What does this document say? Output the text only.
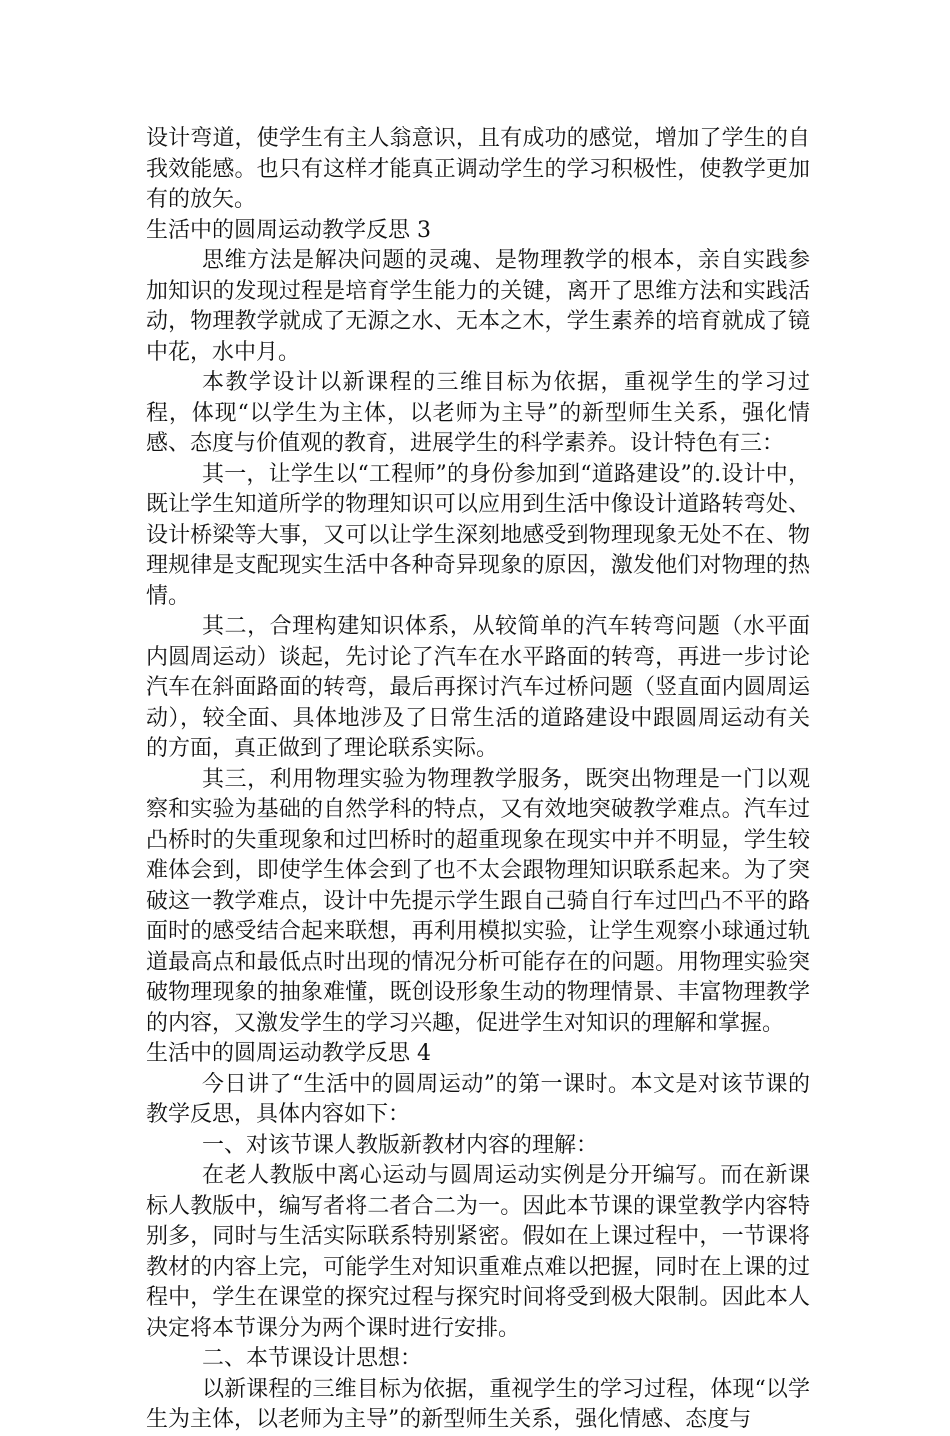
设计弯道，使学生有主人翁意识，且有成功的感觉，增加了学生的自我效能感。也只有这样才能真正调动学生的学习积极性，使教学更加有的放矢。

生活中的圆周运动教学反思 3

思维方法是解决问题的灵魂、是物理教学的根本，亲自实践参加知识的发现过程是培育学生能力的关键，离开了思维方法和实践活动，物理教学就成了无源之水、无本之木，学生素养的培育就成了镜中花，水中月。

本教学设计以新课程的三维目标为依据，重视学生的学习过程，体现“以学生为主体，以老师为主导”的新型师生关系，强化情感、态度与价值观的教育，进展学生的科学素养。设计特色有三：

其一，让学生以“工程师”的身份参加到“道路建设”的.设计中，既让学生知道所学的物理知识可以应用到生活中像设计道路转弯处、设计桥梁等大事，又可以让学生深刻地感受到物理现象无处不在、物理规律是支配现实生活中各种奇异现象的原因，激发他们对物理的热情。

其二，合理构建知识体系，从较简单的汽车转弯问题（水平面内圆周运动）谈起，先讨论了汽车在水平路面的转弯，再进一步讨论汽车在斜面路面的转弯，最后再探讨汽车过桥问题（竖直面内圆周运动），较全面、具体地涉及了日常生活的道路建设中跟圆周运动有关的方面，真正做到了理论联系实际。

其三，利用物理实验为物理教学服务，既突出物理是一门以观察和实验为基础的自然学科的特点，又有效地突破教学难点。汽车过凸桥时的失重现象和过凹桥时的超重现象在现实中并不明显，学生较难体会到，即使学生体会到了也不太会跟物理知识联系起来。为了突破这一教学难点，设计中先提示学生跟自己骑自行车过凹凸不平的路面时的感受结合起来联想，再利用模拟实验，让学生观察小球通过轨道最高点和最低点时出现的情况分析可能存在的问题。用物理实验突破物理现象的抽象难懂，既创设形象生动的物理情景、丰富物理教学的内容，又激发学生的学习兴趣，促进学生对知识的理解和掌握。

生活中的圆周运动教学反思 4

今日讲了“生活中的圆周运动”的第一课时。本文是对该节课的教学反思，具体内容如下：

一、对该节课人教版新教材内容的理解：

在老人教版中离心运动与圆周运动实例是分开编写。而在新课标人教版中，编写者将二者合二为一。因此本节课的课堂教学内容特别多，同时与生活实际联系特别紧密。假如在上课过程中，一节课将教材的内容上完，可能学生对知识重难点难以把握，同时在上课的过程中，学生在课堂的探究过程与探究时间将受到极大限制。因此本人决定将本节课分为两个课时进行安排。

二、本节课设计思想：

以新课程的三维目标为依据，重视学生的学习过程，体现“以学生为主体，以老师为主导”的新型师生关系，强化情感、态度与
